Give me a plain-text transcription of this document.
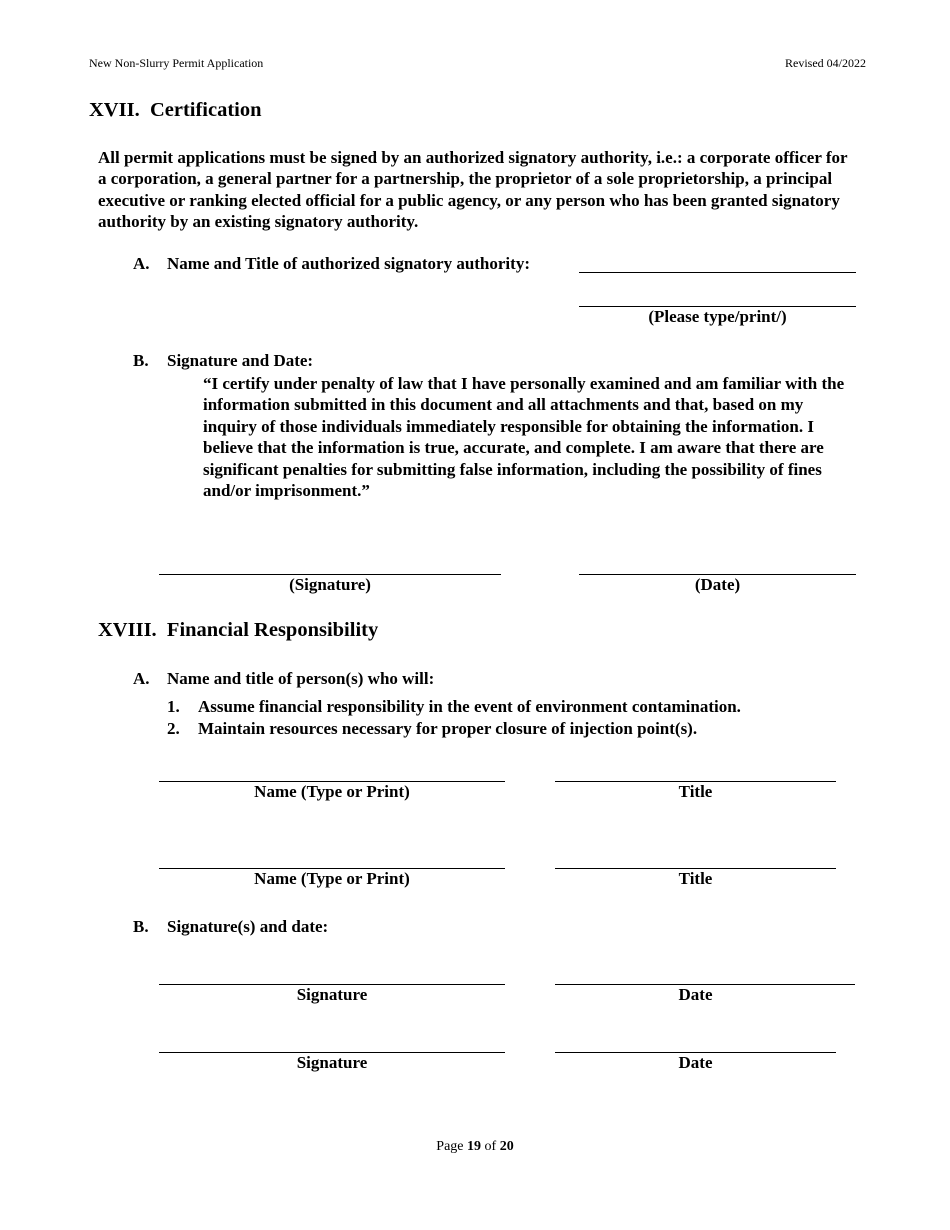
New Non-Slurry Permit Application	Revised 04/2022
XVII.  Certification
All permit applications must be signed by an authorized signatory authority, i.e.: a corporate officer for a corporation, a general partner for a partnership, the proprietor of a sole proprietorship, a principal executive or ranking elected official for a public agency, or any person who has been granted signatory authority by an existing signatory authority.
A. Name and Title of authorized signatory authority:
(Please type/print/)
B. Signature and Date:
“I certify under penalty of law that I have personally examined and am familiar with the information submitted in this document and all attachments and that, based on my inquiry of those individuals immediately responsible for obtaining the information. I believe that the information is true, accurate, and complete. I am aware that there are significant penalties for submitting false information, including the possibility of fines and/or imprisonment.”
(Signature)	(Date)
XVIII.  Financial Responsibility
A. Name and title of person(s) who will:
1. Assume financial responsibility in the event of environment contamination.
2. Maintain resources necessary for proper closure of injection point(s).
Name (Type or Print)	Title
Name (Type or Print)	Title
B. Signature(s) and date:
Signature	Date
Signature	Date
Page 19 of 20
